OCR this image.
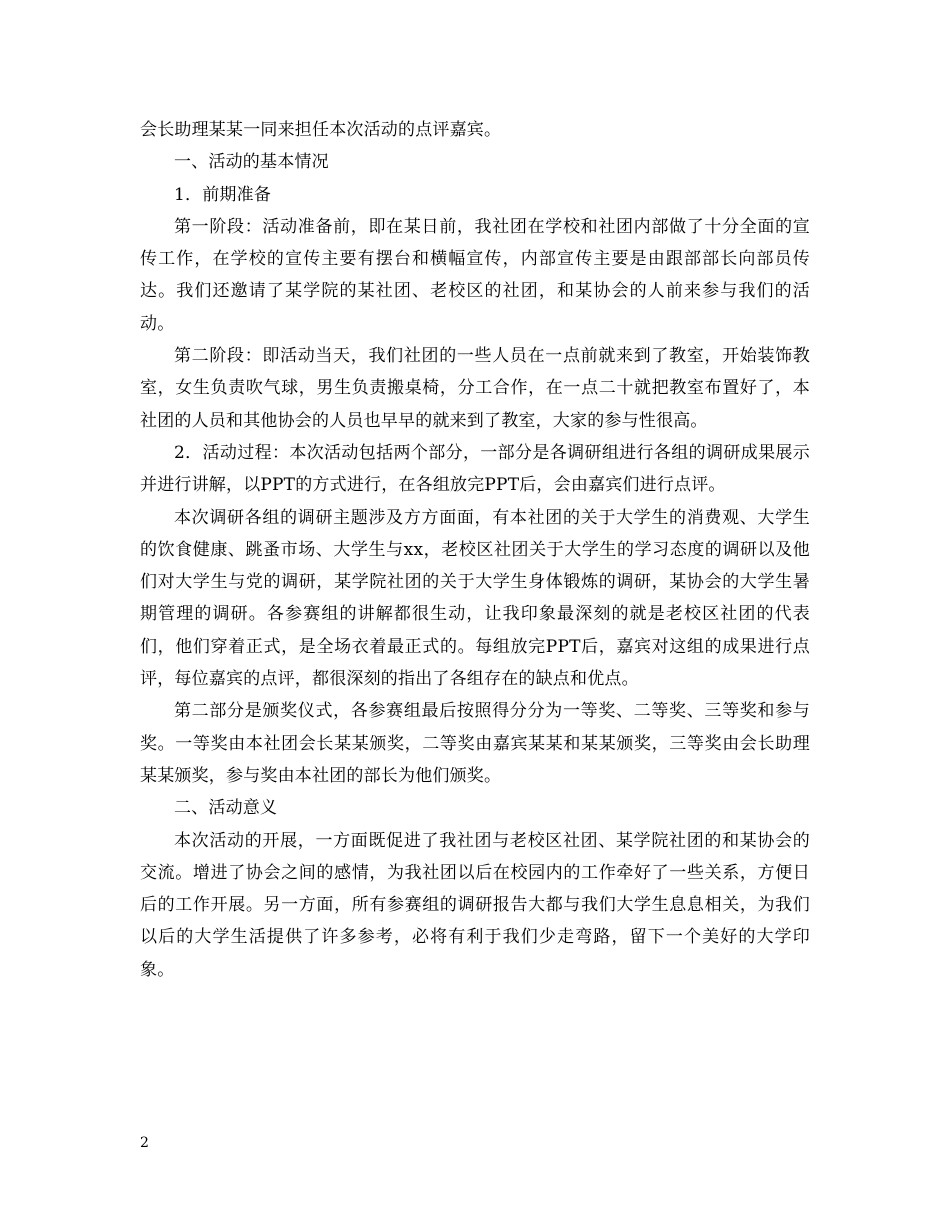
会长助理某某一同来担任本次活动的点评嘉宾。

一、活动的基本情况

1．前期准备

第一阶段：活动准备前，即在某日前，我社团在学校和社团内部做了十分全面的宣传工作，在学校的宣传主要有摆台和横幅宣传，内部宣传主要是由跟部部长向部员传达。我们还邀请了某学院的某社团、老校区的社团，和某协会的人前来参与我们的活动。

第二阶段：即活动当天，我们社团的一些人员在一点前就来到了教室，开始装饰教室，女生负责吹气球，男生负责搬桌椅，分工合作，在一点二十就把教室布置好了，本社团的人员和其他协会的人员也早早的就来到了教室，大家的参与性很高。

2．活动过程：本次活动包括两个部分，一部分是各调研组进行各组的调研成果展示并进行讲解，以PPT的方式进行，在各组放完PPT后，会由嘉宾们进行点评。

本次调研各组的调研主题涉及方方面面，有本社团的关于大学生的消费观、大学生的饮食健康、跳蚤市场、大学生与xx，老校区社团关于大学生的学习态度的调研以及他们对大学生与党的调研，某学院社团的关于大学生身体锻炼的调研，某协会的大学生暑期管理的调研。各参赛组的讲解都很生动，让我印象最深刻的就是老校区社团的代表们，他们穿着正式，是全场衣着最正式的。每组放完PPT后，嘉宾对这组的成果进行点评，每位嘉宾的点评，都很深刻的指出了各组存在的缺点和优点。

第二部分是颁奖仪式，各参赛组最后按照得分分为一等奖、二等奖、三等奖和参与奖。一等奖由本社团会长某某颁奖，二等奖由嘉宾某某和某某颁奖，三等奖由会长助理某某颁奖，参与奖由本社团的部长为他们颁奖。

二、活动意义

本次活动的开展，一方面既促进了我社团与老校区社团、某学院社团的和某协会的交流。增进了协会之间的感情，为我社团以后在校园内的工作牵好了一些关系，方便日后的工作开展。另一方面，所有参赛组的调研报告大都与我们大学生息息相关，为我们以后的大学生活提供了许多参考，必将有利于我们少走弯路，留下一个美好的大学印象。

2
